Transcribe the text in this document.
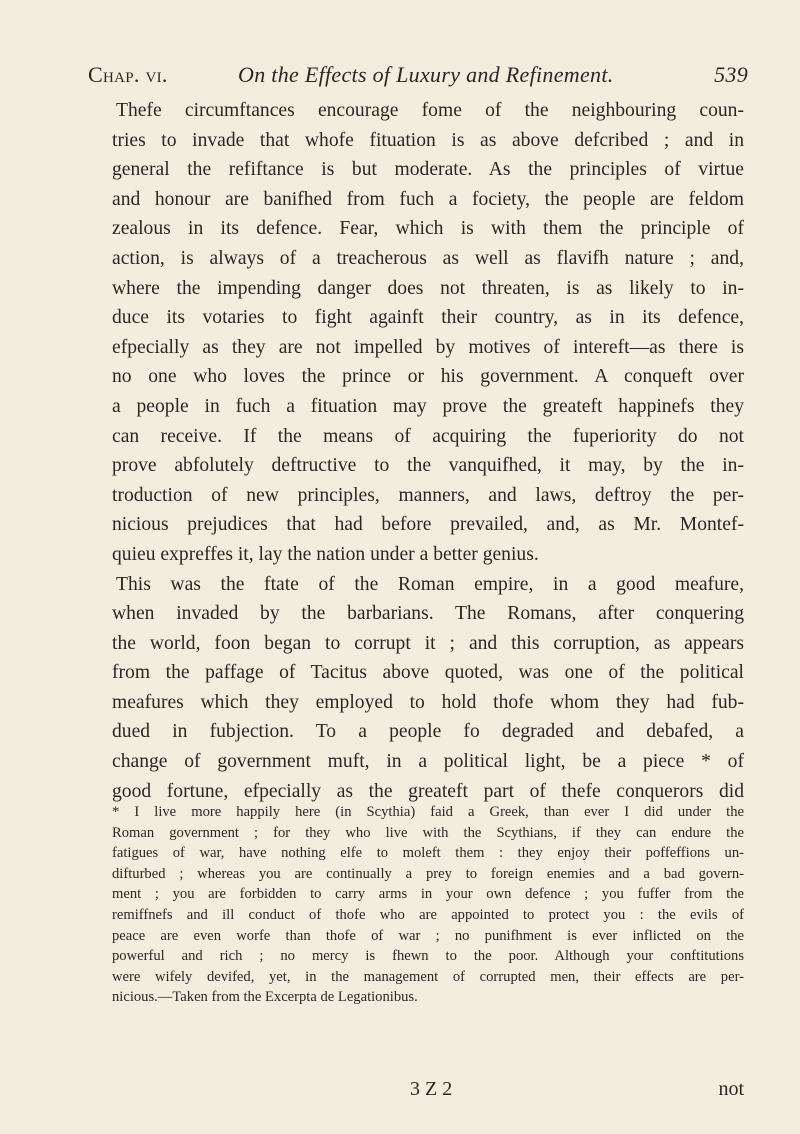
Chap. vi.	On the Effects of Luxury and Refinement.	539
Thefe circumftances encourage fome of the neighbouring coun-
tries to invade that whofe fituation is as above defcribed ; and in
general the refiftance is but moderate. As the principles of virtue
and honour are banifhed from fuch a fociety, the people are feldom
zealous in its defence. Fear, which is with them the principle of
action, is always of a treacherous as well as flavifh nature ; and,
where the impending danger does not threaten, is as likely to in-
duce its votaries to fight againft their country, as in its defence,
efpecially as they are not impelled by motives of intereft—as there is
no one who loves the prince or his government. A conqueft over
a people in fuch a fituation may prove the greateft happinefs they
can receive. If the means of acquiring the fuperiority do not
prove abfolutely deftructive to the vanquifhed, it may, by the in-
troduction of new principles, manners, and laws, deftroy the per-
nicious prejudices that had before prevailed, and, as Mr. Montef-
quieu expreffes it, lay the nation under a better genius.
This was the ftate of the Roman empire, in a good meafure,
when invaded by the barbarians. The Romans, after conquering
the world, foon began to corrupt it ; and this corruption, as appears
from the paffage of Tacitus above quoted, was one of the political
meafures which they employed to hold thofe whom they had fub-
dued in fubjection. To a people fo degraded and debafed, a
change of government muft, in a political light, be a piece * of
good fortune, efpecially as the greateft part of thefe conquerors did
* I live more happily here (in Scythia) faid a Greek, than ever I did under the
Roman government ; for they who live with the Scythians, if they can endure the
fatigues of war, have nothing elfe to moleft them : they enjoy their poffeffions un-
difturbed ; whereas you are continually a prey to foreign enemies and a bad govern-
ment ; you are forbidden to carry arms in your own defence ; you fuffer from the
remiffnefs and ill conduct of thofe who are appointed to protect you : the evils of
peace are even worfe than thofe of war ; no punifhment is ever inflicted on the
powerful and rich ; no mercy is fhewn to the poor. Although your conftitutions
were wifely devifed, yet, in the management of corrupted men, their effects are per-
nicious.—Taken from the Excerpta de Legationibus.
3 Z 2	not
